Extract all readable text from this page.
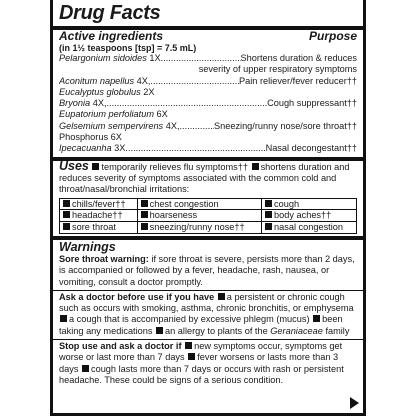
Drug Facts
Active ingredients	Purpose
(in 1½ teaspoons [tsp] = 7.5 mL)
Pelargonium sidoides 1X .....	Shortens duration & reduces
severity of upper respiratory symptoms
Aconitum napellus 4X, .....	Pain reliever/fever reducer††
Eucalyptus globulus 2X
Bryonia 4X, .....	Cough suppressant††
Eupatorium perfoliatum 6X
Gelsemium sempervirens 4X, .....	Sneezing/runny nose/sore throat††
Phosphorus 6X
Ipecacuanha 3X .....	Nasal decongestant††
Uses temporarily relieves flu symptoms†† shortens duration and reduces severity of symptoms associated with the common cold and throat/nasal/bronchial irritations:
chills/fever††	chest congestion	cough
headache††	hoarseness	body aches††
sore throat	sneezing/runny nose††	nasal congestion
Warnings
Sore throat warning: if sore throat is severe, persists more than 2 days, is accompanied or followed by a fever, headache, rash, nausea, or vomiting, consult a doctor promptly.
Ask a doctor before use if you have a persistent or chronic cough such as occurs with smoking, asthma, chronic bronchitis, or emphysema a cough that is accompanied by excessive phlegm (mucus) been taking any medications an allergy to plants of the Geraniaceae family
Stop use and ask a doctor if new symptoms occur, symptoms get worse or last more than 7 days fever worsens or lasts more than 3 days cough lasts more than 7 days or occurs with rash or persistent headache. These could be signs of a serious condition.
